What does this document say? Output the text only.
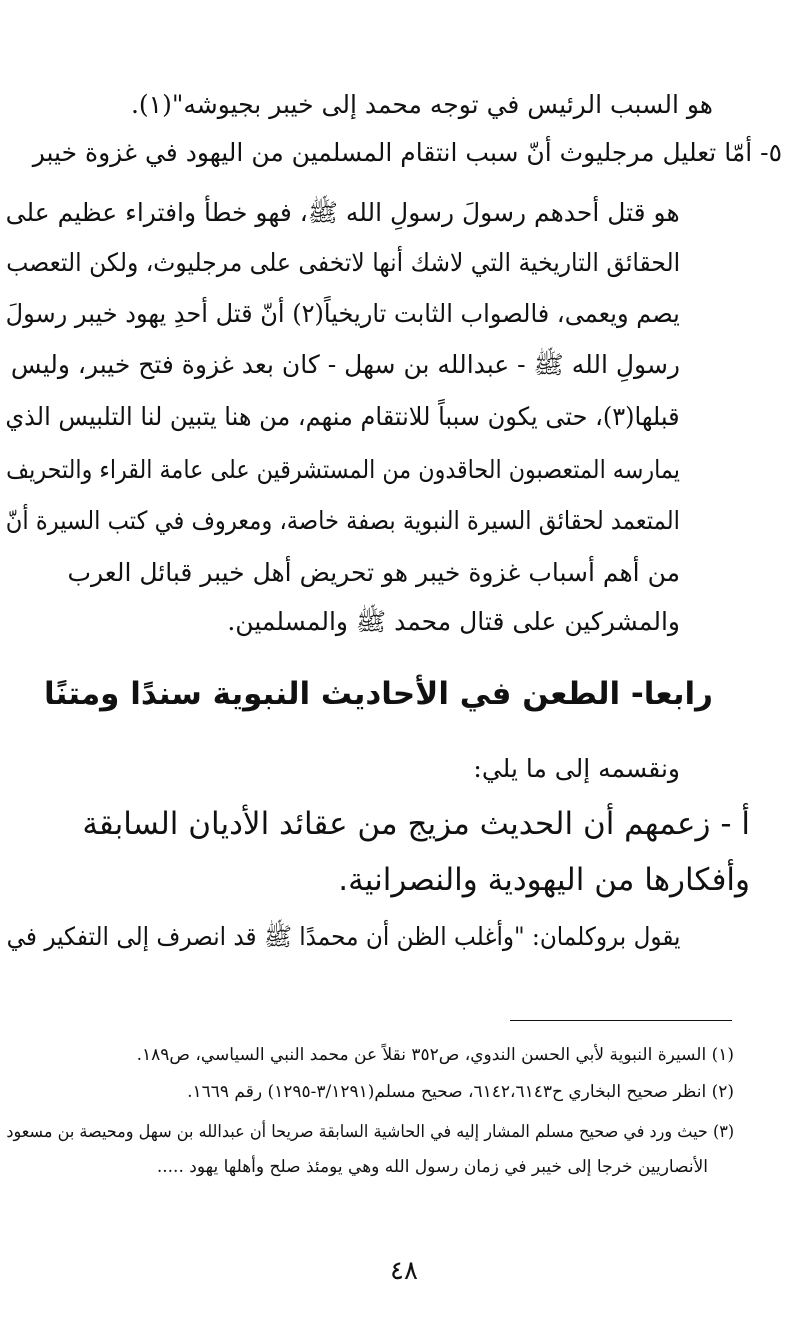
هو السبب الرئيس في توجه محمد إلى خيبر بجيوشه"(١).
٥- أمّا تعليل مرجليوث أنّ سبب انتقام المسلمين من اليهود في غزوة خيبر
هو قتل أحدهم رسولَ رسولِ الله ﷺ، فهو خطأ وافتراء عظيم على
الحقائق التاريخية التي لاشك أنها لاتخفى على مرجليوث، ولكن التعصب
يصم ويعمى، فالصواب الثابت تاريخياً(٢) أنّ قتل أحدِ يهود خيبر رسولَ
رسولِ الله ﷺ - عبدالله بن سهل - كان بعد غزوة فتح خيبر، وليس
قبلها(٣)، حتى يكون سبباً للانتقام منهم، من هنا يتبين لنا التلبيس الذي
يمارسه المتعصبون الحاقدون من المستشرقين على عامة القراء والتحريف
المتعمد لحقائق السيرة النبوية بصفة خاصة، ومعروف في كتب السيرة أنّ
من أهم أسباب غزوة خيبر هو تحريض أهل خيبر قبائل العرب
والمشركين على قتال محمد ﷺ والمسلمين.
رابعا- الطعن في الأحاديث النبوية سندًا ومتنًا
ونقسمه إلى ما يلي:
أ - زعمهم أن الحديث مزيج من عقائد الأديان السابقة
وأفكارها من اليهودية والنصرانية.
يقول بروكلمان: "وأغلب الظن أن محمدًا ﷺ قد انصرف إلى التفكير في
(١) السيرة النبوية لأبي الحسن الندوي، ص٣٥٢ نقلاً عن محمد النبي السياسي، ص١٨٩.
(٢) انظر صحيح البخاري ح٦١٤٢،٦١٤٣، صحيح مسلم(٣/١٢٩١-١٢٩٥) رقم ١٦٦٩.
(٣) حيث ورد في صحيح مسلم المشار إليه في الحاشية السابقة صريحا أن عبدالله بن سهل ومحيصة بن مسعود
الأنصاريين خرجا إلى خيبر في زمان رسول الله وهي يومئذ صلح وأهلها يهود .....
٤٨
